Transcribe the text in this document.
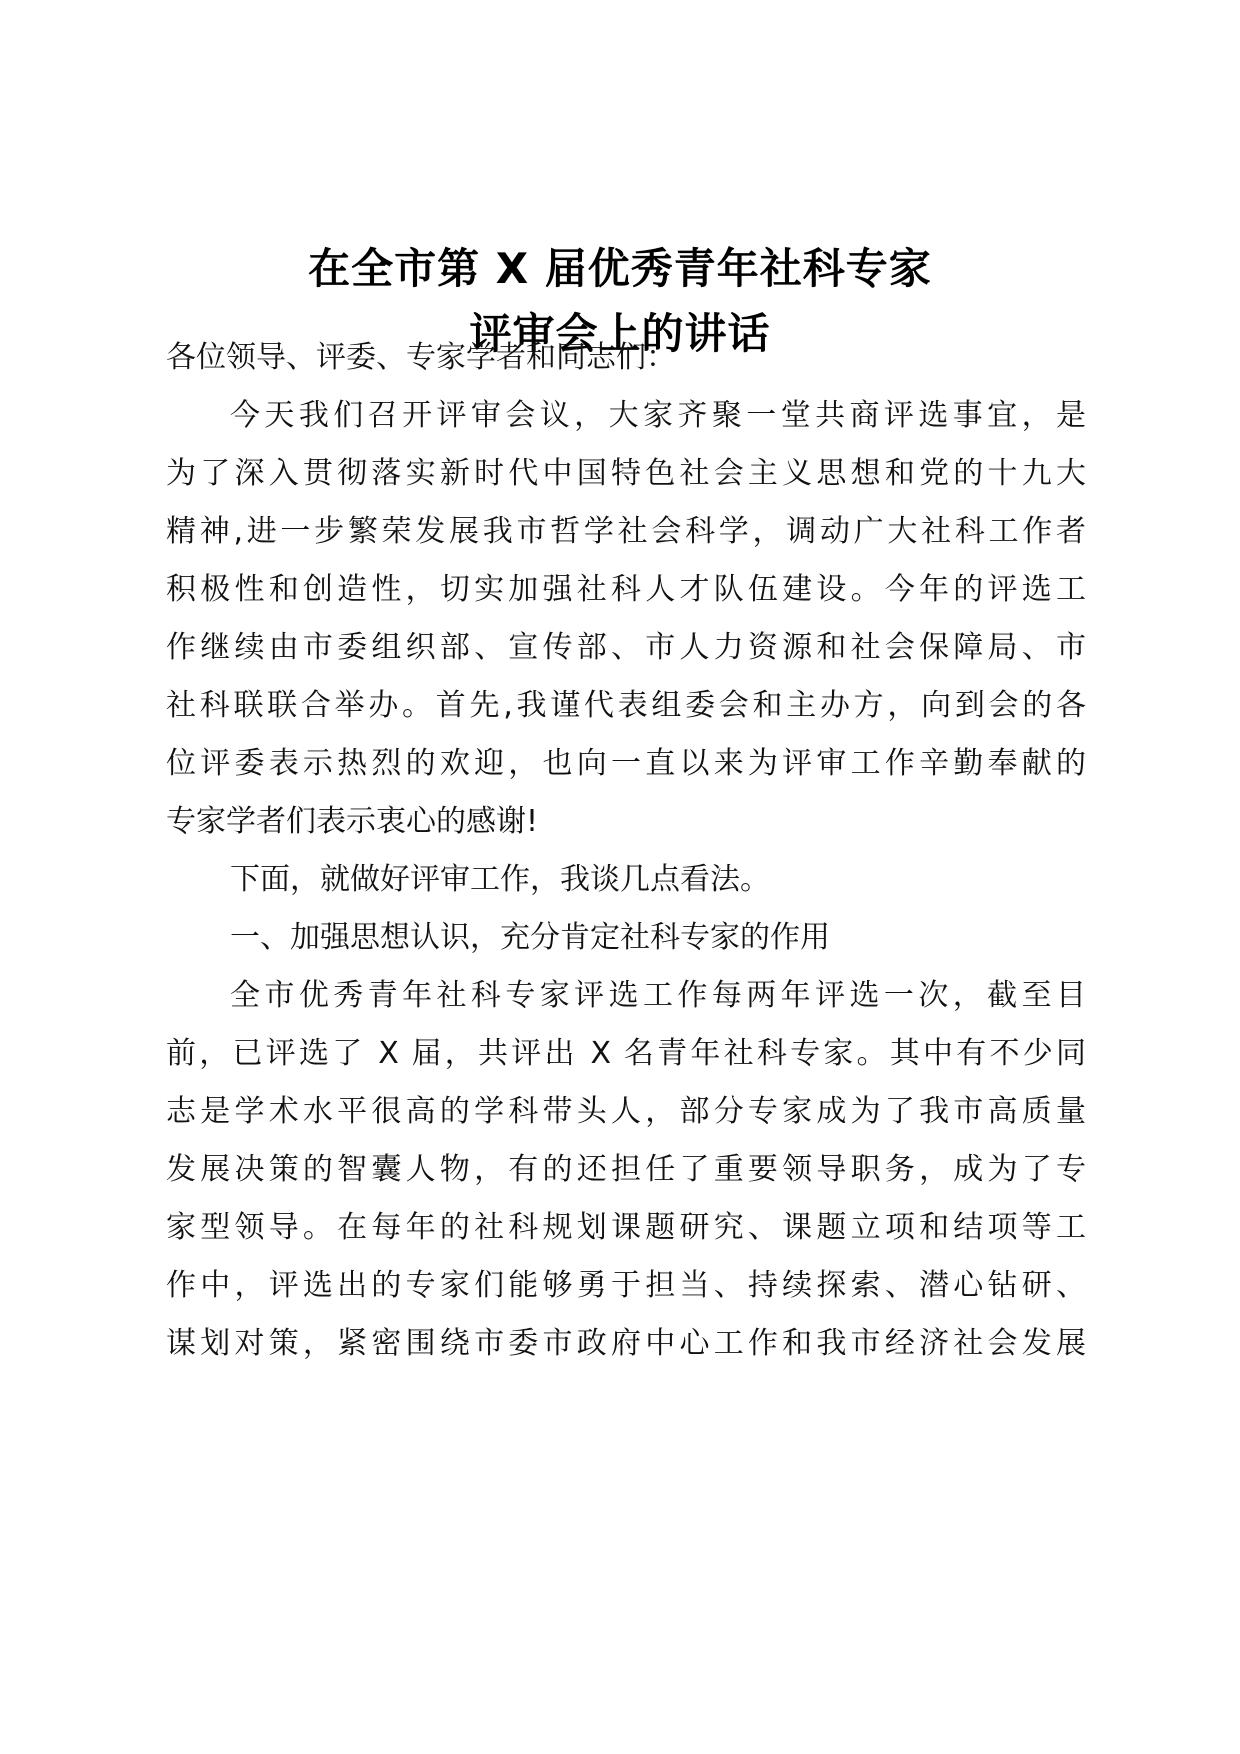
在全市第 X 届优秀青年社科专家
评审会上的讲话
各位领导、评委、专家学者和同志们：
今天我们召开评审会议，大家齐聚一堂共商评选事宜，是
为了深入贯彻落实新时代中国特色社会主义思想和党的十九大
精神,进一步繁荣发展我市哲学社会科学，调动广大社科工作者
积极性和创造性，切实加强社科人才队伍建设。今年的评选工
作继续由市委组织部、宣传部、市人力资源和社会保障局、市
社科联联合举办。首先,我谨代表组委会和主办方，向到会的各
位评委表示热烈的欢迎，也向一直以来为评审工作辛勤奉献的
专家学者们表示衷心的感谢!
下面，就做好评审工作，我谈几点看法。
一、加强思想认识，充分肯定社科专家的作用
全市优秀青年社科专家评选工作每两年评选一次，截至目
前，已评选了 X 届，共评出 X 名青年社科专家。其中有不少同
志是学术水平很高的学科带头人，部分专家成为了我市高质量
发展决策的智囊人物，有的还担任了重要领导职务，成为了专
家型领导。在每年的社科规划课题研究、课题立项和结项等工
作中，评选出的专家们能够勇于担当、持续探索、潜心钻研、
谋划对策，紧密围绕市委市政府中心工作和我市经济社会发展
